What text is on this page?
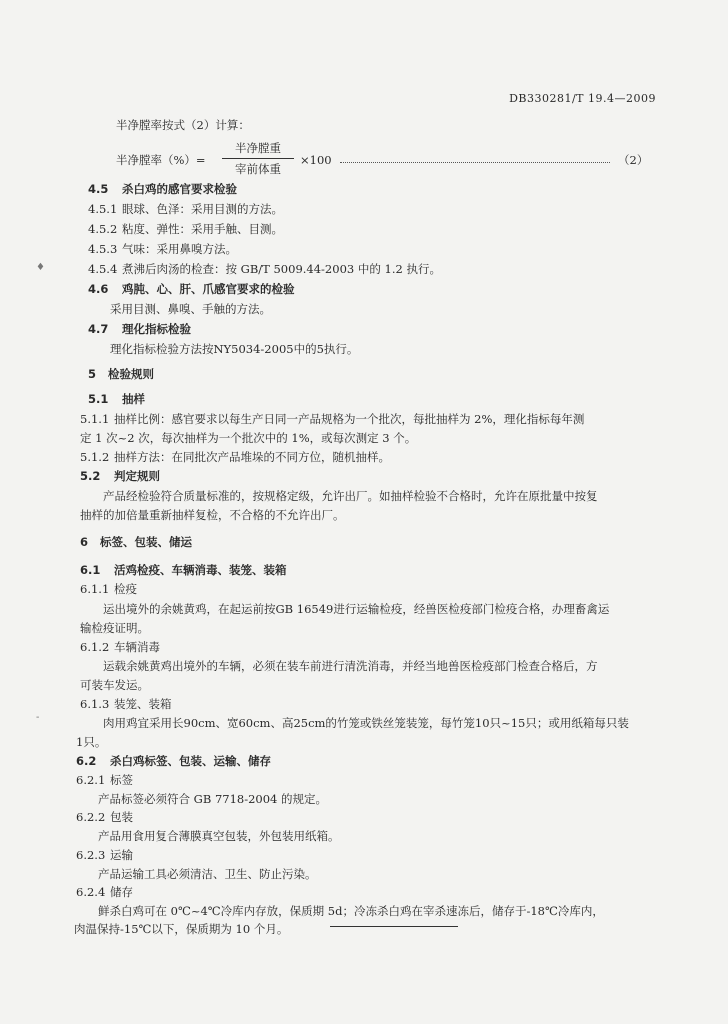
DB330281/T 19.4—2009
半净膛率按式（2）计算：
半净膛率（%）=
半净膛重
宰前体重
×100	（2）
4.5 杀白鸡的感官要求检验
4.5.1 眼球、色泽：采用目测的方法。
4.5.2 粘度、弹性：采用手触、目测。
4.5.3 气味：采用鼻嗅方法。
4.5.4 煮沸后肉汤的检查：按 GB/T 5009.44-2003 中的 1.2 执行。
♦
4.6 鸡肫、心、肝、爪感官要求的检验
采用目测、鼻嗅、手触的方法。
4.7 理化指标检验
理化指标检验方法按NY5034-2005中的5执行。
5 检验规则
5.1 抽样
5.1.1 抽样比例：感官要求以每生产日同一产品规格为一个批次，每批抽样为 2%，理化指标每年测
定 1 次~2 次，每次抽样为一个批次中的 1%，或每次测定 3 个。
5.1.2 抽样方法：在同批次产品堆垛的不同方位，随机抽样。
5.2 判定规则
产品经检验符合质量标准的，按规格定级，允许出厂。如抽样检验不合格时，允许在原批量中按复
抽样的加倍量重新抽样复检，不合格的不允许出厂。
6 标签、包装、储运
6.1 活鸡检疫、车辆消毒、装笼、装箱
6.1.1 检疫
运出境外的余姚黄鸡，在起运前按GB 16549进行运输检疫，经兽医检疫部门检疫合格，办理畜禽运
输检疫证明。
6.1.2 车辆消毒
运载余姚黄鸡出境外的车辆，必须在装车前进行清洗消毒，并经当地兽医检疫部门检查合格后，方
可装车发运。
6.1.3 装笼、装箱
-	肉用鸡宜采用长90cm、宽60cm、高25cm的竹笼或铁丝笼装笼，每竹笼10只~15只；或用纸箱每只装
1只。
6.2 杀白鸡标签、包装、运输、储存
6.2.1 标签
产品标签必须符合 GB 7718-2004 的规定。
6.2.2 包装
产品用食用复合薄膜真空包装，外包装用纸箱。
6.2.3 运输
产品运输工具必须清洁、卫生、防止污染。
6.2.4 储存
鲜杀白鸡可在 0℃~4℃冷库内存放，保质期 5d；冷冻杀白鸡在宰杀速冻后，储存于-18℃冷库内，
肉温保持-15℃以下，保质期为 10 个月。
